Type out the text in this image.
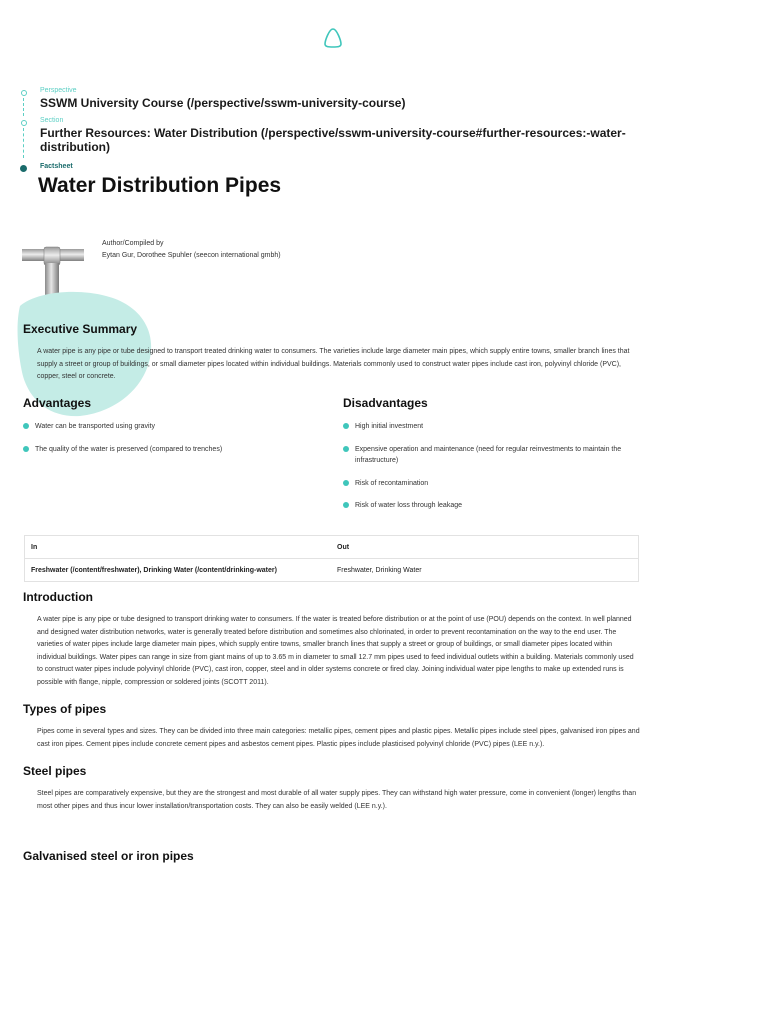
Perspective
SSWM University Course (/perspective/sswm-university-course)
Section
Further Resources: Water Distribution (/perspective/sswm-university-course#further-resources:-water-distribution)
Factsheet
Water Distribution Pipes
Author/Compiled by
Eytan Gur, Dorothee Spuhler (seecon international gmbh)
Executive Summary

A water pipe is any pipe or tube designed to transport treated drinking water to consumers. The varieties include large diameter main pipes, which supply entire towns, smaller branch lines that supply a street or group of buildings, or small diameter pipes located within individual buildings. Materials commonly used to construct water pipes include cast iron, polyvinyl chloride (PVC), copper, steel or concrete.

Advantages
Water can be transported using gravity
The quality of the water is preserved (compared to trenches)
Disadvantages
High initial investment
Expensive operation and maintenance (need for regular reinvestments to maintain the infrastructure)
Risk of recontamination
Risk of water loss through leakage
In	Out
Freshwater (/content/freshwater), Drinking Water (/content/drinking-water)	Freshwater, Drinking Water
Introduction

A water pipe is any pipe or tube designed to transport drinking water to consumers. If the water is treated before distribution or at the point of use (POU) depends on the context. In well planned and designed water distribution networks, water is generally treated before distribution and sometimes also chlorinated, in order to prevent recontamination on the way to the end user. The varieties of water pipes include large diameter main pipes, which supply entire towns, smaller branch lines that supply a street or group of buildings, or small diameter pipes located within individual buildings. Water pipes can range in size from giant mains of up to 3.65 m in diameter to small 12.7 mm pipes used to feed individual outlets within a building. Materials commonly used to construct water pipes include polyvinyl chloride (PVC), cast iron, copper, steel and in older systems concrete or fired clay. Joining individual water pipe lengths to make up extended runs is possible with flange, nipple, compression or soldered joints (SCOTT 2011).

Types of pipes

Pipes come in several types and sizes. They can be divided into three main categories: metallic pipes, cement pipes and plastic pipes. Metallic pipes include steel pipes, galvanised iron pipes and cast iron pipes. Cement pipes include concrete cement pipes and asbestos cement pipes. Plastic pipes include plasticised polyvinyl chloride (PVC) pipes (LEE n.y.).

Steel pipes

Steel pipes are comparatively expensive, but they are the strongest and most durable of all water supply pipes. They can withstand high water pressure, come in convenient (longer) lengths than most other pipes and thus incur lower installation/transportation costs. They can also be easily welded (LEE n.y.).

Galvanised steel or iron pipes
